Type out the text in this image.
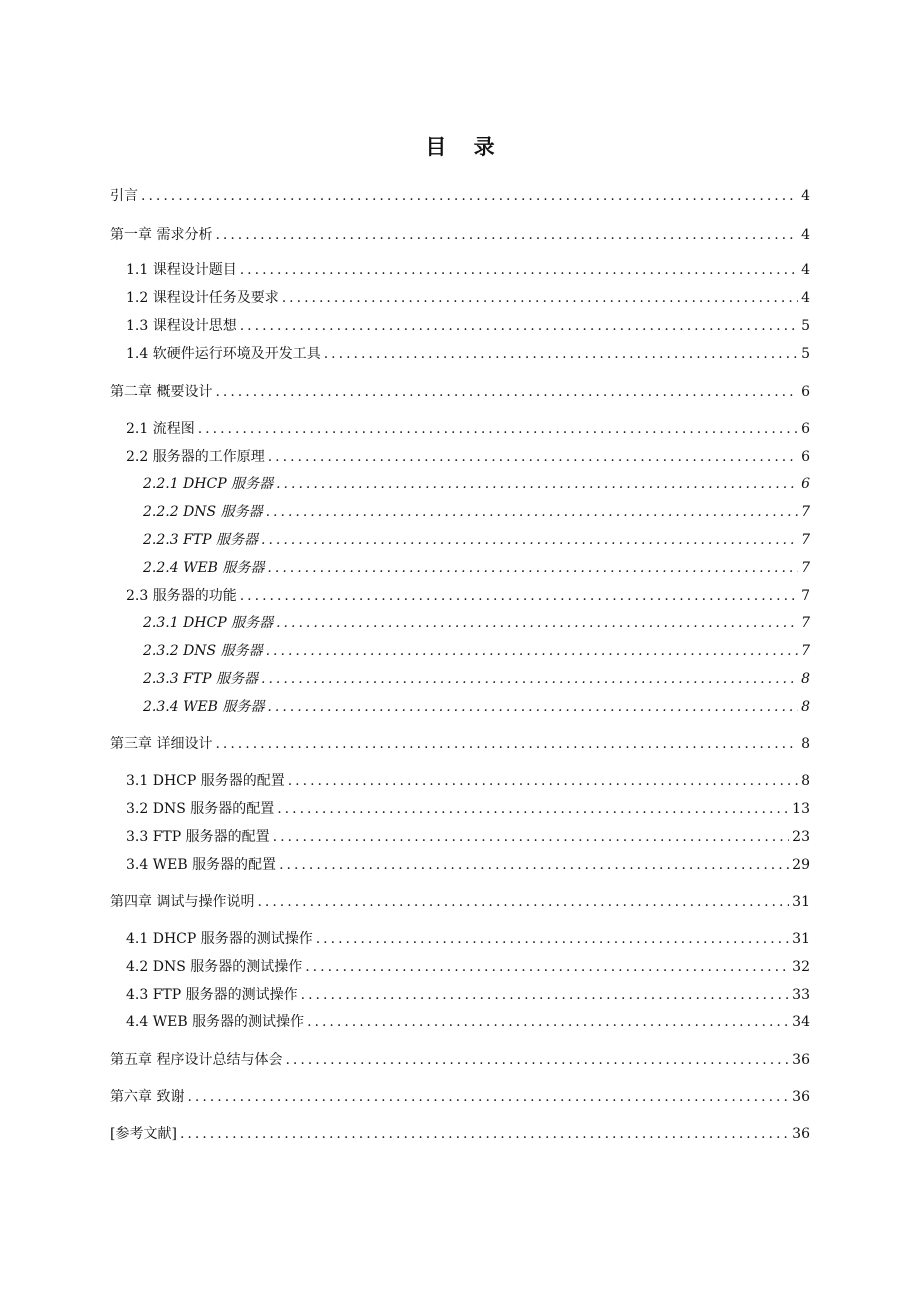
目 录
引言 .....	4
第一章 需求分析 .....	4
1.1 课程设计题目 .....	4
1.2 课程设计任务及要求 .....	4
1.3 课程设计思想 .....	5
1.4 软硬件运行环境及开发工具 .....	5
第二章 概要设计 .....	6
2.1 流程图 .....	6
2.2 服务器的工作原理 .....	6
2.2.1 DHCP 服务器 .....	6
2.2.2 DNS 服务器 .....	7
2.2.3 FTP 服务器 .....	7
2.2.4 WEB 服务器 .....	7
2.3 服务器的功能 .....	7
2.3.1 DHCP 服务器 .....	7
2.3.2 DNS 服务器 .....	7
2.3.3 FTP 服务器 .....	8
2.3.4 WEB 服务器 .....	8
第三章 详细设计 .....	8
3.1 DHCP 服务器的配置 .....	8
3.2 DNS 服务器的配置 .....	13
3.3 FTP 服务器的配置 .....	23
3.4 WEB 服务器的配置 .....	29
第四章 调试与操作说明 .....	31
4.1 DHCP 服务器的测试操作 .....	31
4.2 DNS 服务器的测试操作 .....	32
4.3 FTP 服务器的测试操作 .....	33
4.4 WEB 服务器的测试操作 .....	34
第五章 程序设计总结与体会 .....	36
第六章 致谢 .....	36
[参考文献] .....	36
